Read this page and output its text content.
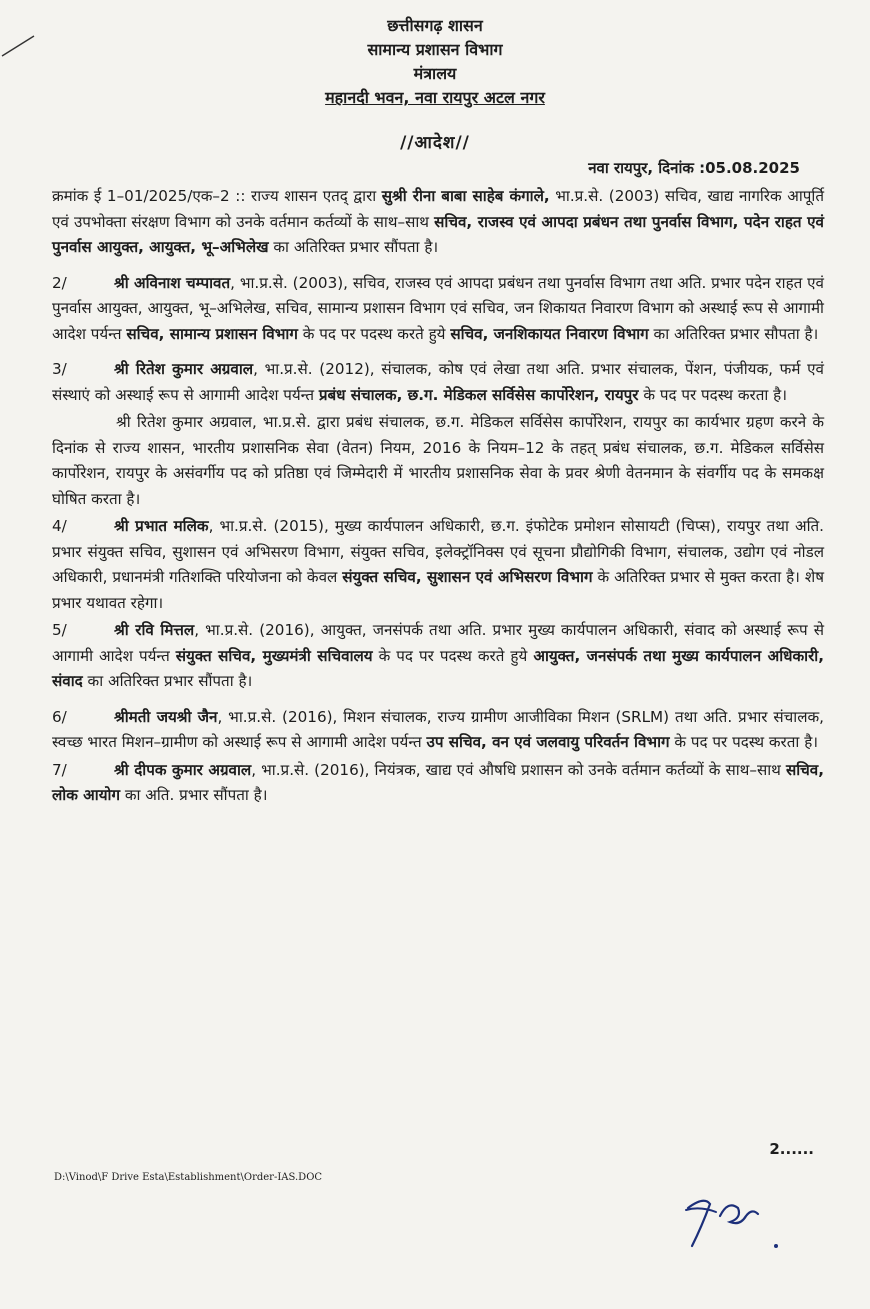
छत्तीसगढ़ शासन

सामान्य प्रशासन विभाग

मंत्रालय

महानदी भवन, नवा रायपुर अटल नगर

//आदेश//
नवा रायपुर, दिनांक :05.08.2025

क्रमांक ई 1–01/2025/एक–2 :: राज्य शासन एतद् द्वारा सुश्री रीना बाबा साहेब कंगाले, भा.प्र.से. (2003) सचिव, खाद्य नागरिक आपूर्ति एवं उपभोक्ता संरक्षण विभाग को उनके वर्तमान कर्तव्यों के साथ–साथ सचिव, राजस्व एवं आपदा प्रबंधन तथा पुनर्वास विभाग, पदेन राहत एवं पुनर्वास आयुक्त, आयुक्त, भू–अभिलेख का अतिरिक्त प्रभार सौंपता है।

2/	श्री अविनाश चम्पावत, भा.प्र.से. (2003), सचिव, राजस्व एवं आपदा प्रबंधन तथा पुनर्वास विभाग तथा अति. प्रभार पदेन राहत एवं पुनर्वास आयुक्त, आयुक्त, भू–अभिलेख, सचिव, सामान्य प्रशासन विभाग एवं सचिव, जन शिकायत निवारण विभाग को अस्थाई रूप से आगामी आदेश पर्यन्त सचिव, सामान्य प्रशासन विभाग के पद पर पदस्थ करते हुये सचिव, जनशिकायत निवारण विभाग का अतिरिक्त प्रभार सौपता है।

3/	श्री रितेश कुमार अग्रवाल, भा.प्र.से. (2012), संचालक, कोष एवं लेखा तथा अति. प्रभार संचालक, पेंशन, पंजीयक, फर्म एवं संस्थाएं को अस्थाई रूप से आगामी आदेश पर्यन्त प्रबंध संचालक, छ.ग. मेडिकल सर्विसेस कार्पोरेशन, रायपुर के पद पर पदस्थ करता है।

श्री रितेश कुमार अग्रवाल, भा.प्र.से. द्वारा प्रबंध संचालक, छ.ग. मेडिकल सर्विसेस कार्पोरेशन, रायपुर का कार्यभार ग्रहण करने के दिनांक से राज्य शासन, भारतीय प्रशासनिक सेवा (वेतन) नियम, 2016 के नियम–12 के तहत् प्रबंध संचालक, छ.ग. मेडिकल सर्विसेस कार्पोरेशन, रायपुर के असंवर्गीय पद को प्रतिष्ठा एवं जिम्मेदारी में भारतीय प्रशासनिक सेवा के प्रवर श्रेणी वेतनमान के संवर्गीय पद के समकक्ष घोषित करता है।

4/	श्री प्रभात मलिक, भा.प्र.से. (2015), मुख्य कार्यपालन अधिकारी, छ.ग. इंफोटेक प्रमोशन सोसायटी (चिप्स), रायपुर तथा अति. प्रभार संयुक्त सचिव, सुशासन एवं अभिसरण विभाग, संयुक्त सचिव, इलेक्ट्रॉनिक्स एवं सूचना प्रौद्योगिकी विभाग, संचालक, उद्योग एवं नोडल अधिकारी, प्रधानमंत्री गतिशक्ति परियोजना को केवल संयुक्त सचिव, सुशासन एवं अभिसरण विभाग के अतिरिक्त प्रभार से मुक्त करता है। शेष प्रभार यथावत रहेगा।

5/	श्री रवि मित्तल, भा.प्र.से. (2016), आयुक्त, जनसंपर्क तथा अति. प्रभार मुख्य कार्यपालन अधिकारी, संवाद को अस्थाई रूप से आगामी आदेश पर्यन्त संयुक्त सचिव, मुख्यमंत्री सचिवालय के पद पर पदस्थ करते हुये आयुक्त, जनसंपर्क तथा मुख्य कार्यपालन अधिकारी, संवाद का अतिरिक्त प्रभार सौंपता है।

6/	श्रीमती जयश्री जैन, भा.प्र.से. (2016), मिशन संचालक, राज्य ग्रामीण आजीविका मिशन (SRLM) तथा अति. प्रभार संचालक, स्वच्छ भारत मिशन–ग्रामीण को अस्थाई रूप से आगामी आदेश पर्यन्त उप सचिव, वन एवं जलवायु परिवर्तन विभाग के पद पर पदस्थ करता है।

7/	श्री दीपक कुमार अग्रवाल, भा.प्र.से. (2016), नियंत्रक, खाद्य एवं औषधि प्रशासन को उनके वर्तमान कर्तव्यों के साथ–साथ सचिव, लोक आयोग का अति. प्रभार सौंपता है।

2......
D:\Vinod\F Drive Esta\Establishment\Order-IAS.DOC
